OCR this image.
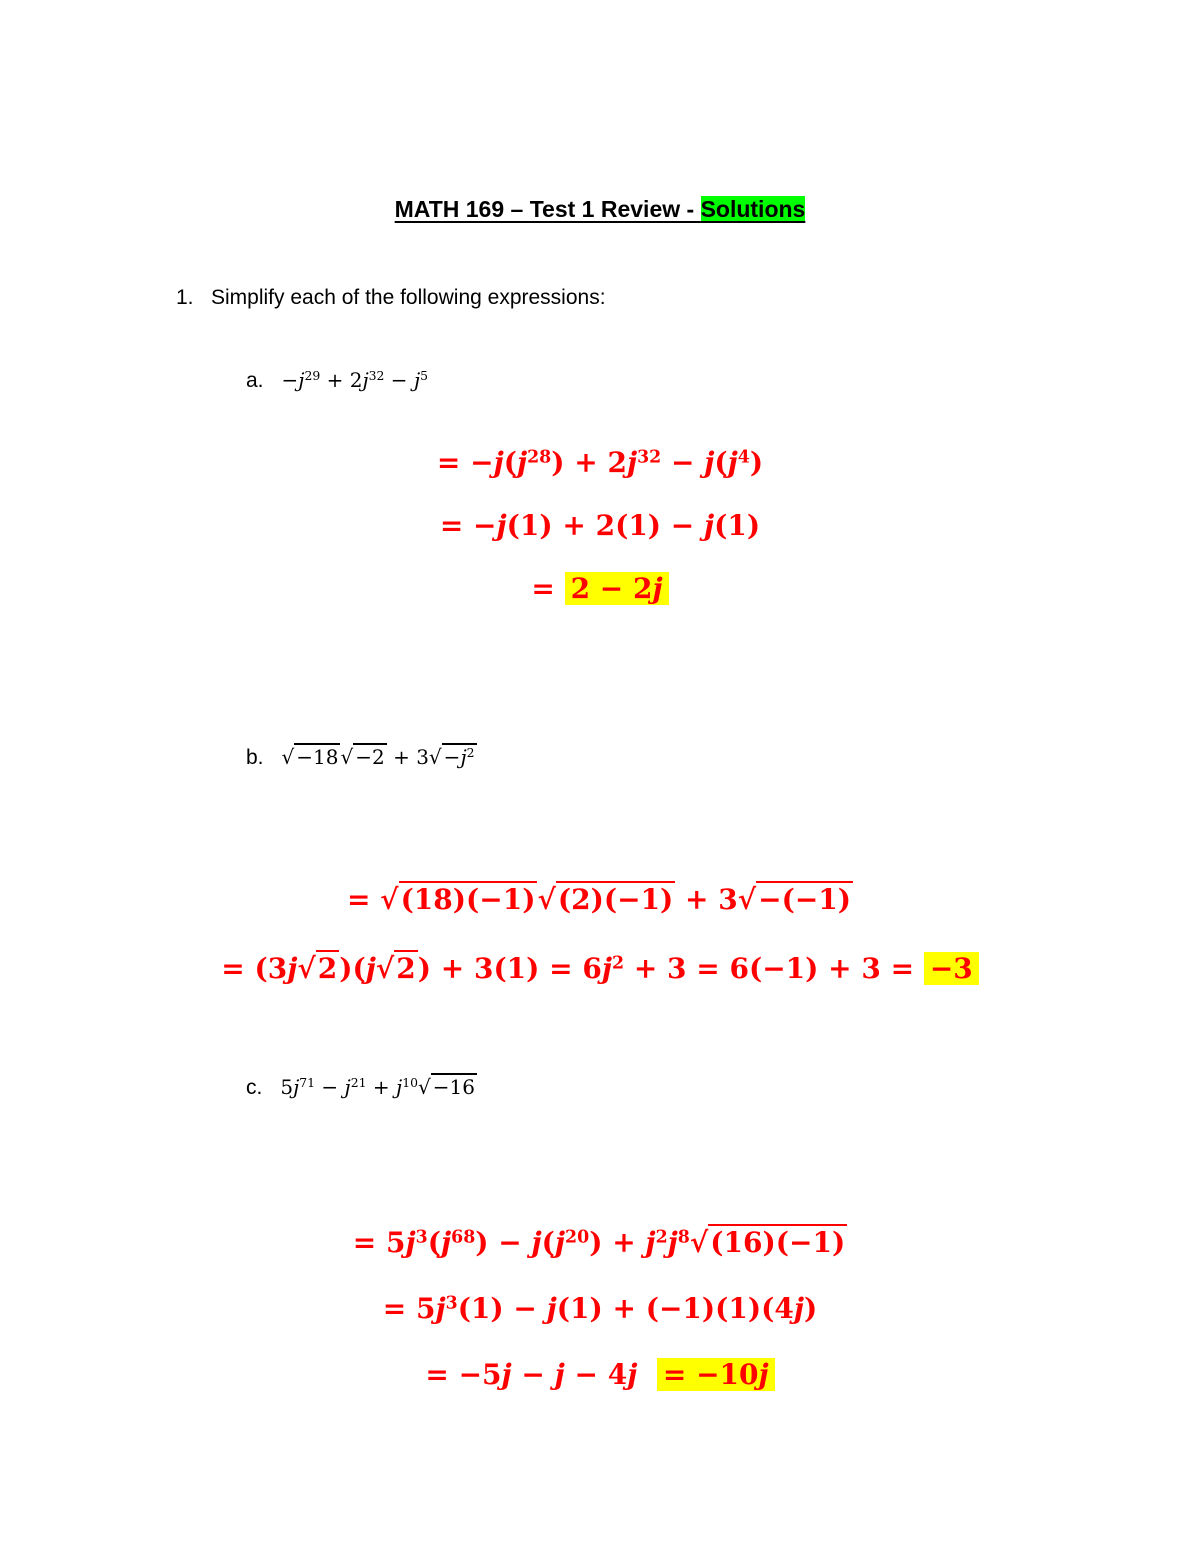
MATH 169 – Test 1 Review - Solutions
1. Simplify each of the following expressions:
a. $-j^{29} + 2j^{32} - j^5$
= $-j(j^{28}) + 2j^{32} - j(j^4)$
= −j(1) + 2(1) − j(1)
= 2 − 2j
b. √ −18 √ $-2 + 3√ -j^2$
= √(18)(−1)√(2)(−1) + 3√−(−1)
= $(3j√2)(j√2) + 3(1) = 6j^2 + 3 = 6(-1) + 3 = -3$
c. $5j^{71} - j^{21} + j^{10}√ -16$
= $5j^3(j^{68}) - j(j^{20}) + j^2j^8√(16)(-1)$
= $5j^3(1) - j(1) + (-1)(1)(4j)$
= −5j − j − 4j = −10j
